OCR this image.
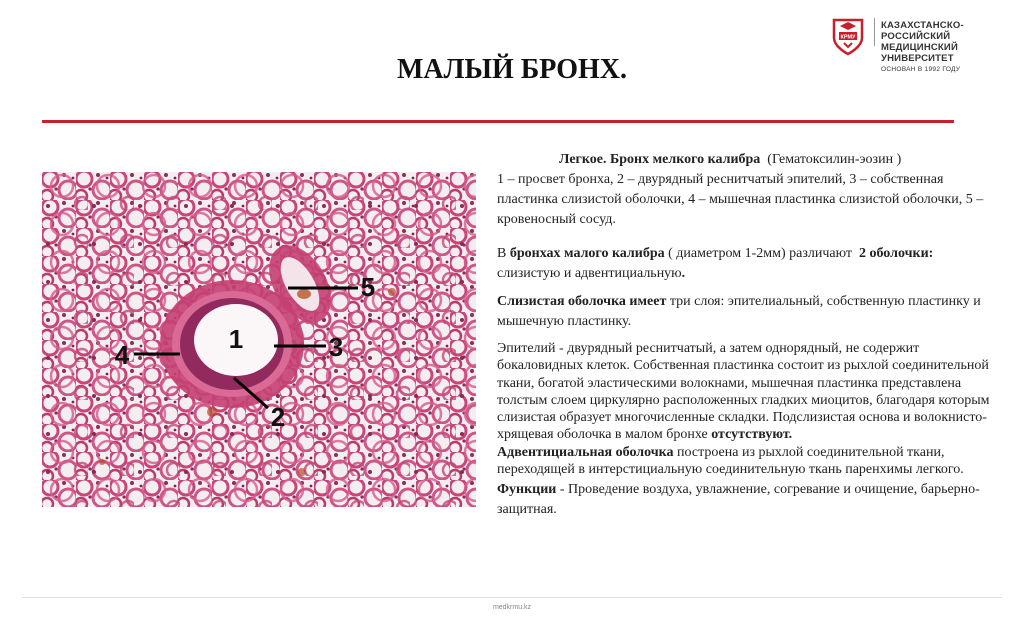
КРМУ
КАЗАХСТАНСКО-РОССИЙСКИЙ
МЕДИЦИНСКИЙ УНИВЕРСИТЕТ
ОСНОВАН В 1992 ГОДУ
МАЛЫЙ БРОНХ.
1
2
3
4
5

Легкое. Бронх мелкого калибра (Гематоксилин-эозин )

1 – просвет бронха, 2 – двурядный реснитчатый эпителий, 3 – собственная пластинка слизистой оболочки, 4 – мышечная пластинка слизистой оболочки, 5 – кровеносный сосуд.

В бронхах малого калибра ( диаметром 1-2мм) различают 2 оболочки: слизистую и адвентициальную.

Слизистая оболочка имеет три слоя: эпителиальный, собственную пластинку и мышечную пластинку.

Эпителий - двурядный реснитчатый, а затем однорядный, не содержит бокаловидных клеток. Собственная пластинка состоит из рыхлой соединительной ткани, богатой эластическими волокнами, мышечная пластинка представлена толстым слоем циркулярно расположенных гладких миоцитов, благодаря которым слизистая образует многочисленные складки. Подслизистая основа и волокнисто-хрящевая оболочка в малом бронхе отсутствуют.

Адвентициальная оболочка построена из рыхлой соединительной ткани, переходящей в интерстициальную соединительную ткань паренхимы легкого.

Функции - Проведение воздуха, увлажнение, согревание и очищение, барьерно- защитная.

medkrmu.kz
